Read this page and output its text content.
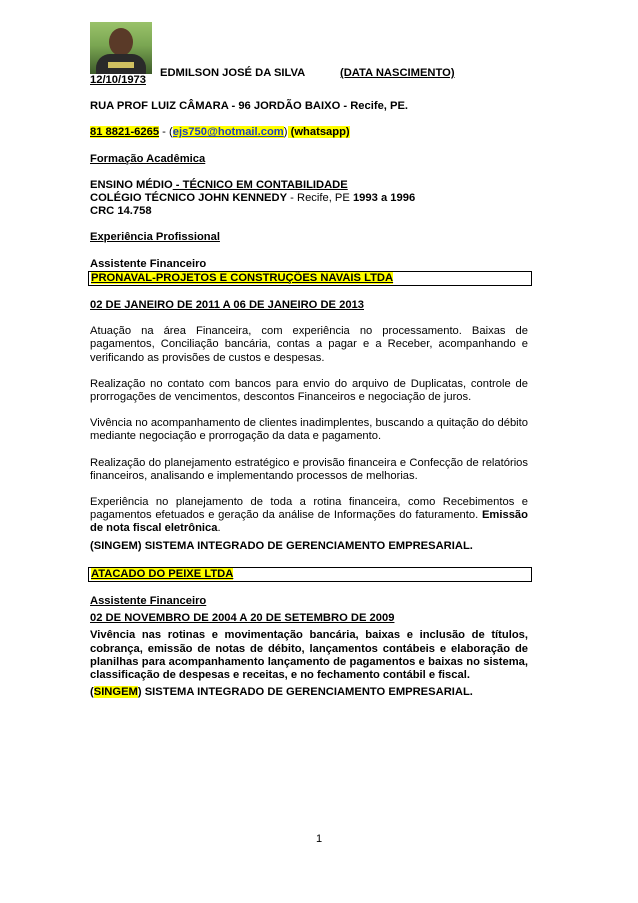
EDMILSON JOSÉ DA SILVA	(DATA NASCIMENTO)

12/10/1973

RUA PROF LUIZ CÂMARA - 96 JORDÃO BAIXO - Recife, PE.

81 8821-6265 - (ejs750@hotmail.com) (whatsapp)

Formação Acadêmica

ENSINO MÉDIO - TÉCNICO EM CONTABILIDADE

COLÉGIO TÉCNICO JOHN KENNEDY - Recife, PE 1993 a 1996

CRC 14.758

Experiência Profissional

Assistente Financeiro

PRONAVAL-PROJETOS E CONSTRUÇÕES NAVAIS LTDA

02 DE JANEIRO DE 2011 A 06 DE JANEIRO DE 2013

Atuação na área Financeira, com experiência no processamento. Baixas de pagamentos, Conciliação bancária, contas a pagar e a Receber, acompanhando e verificando as provisões de custos e despesas.

Realização no contato com bancos para envio do arquivo de Duplicatas, controle de prorrogações de vencimentos, descontos Financeiros e negociação de juros.

Vivência no acompanhamento de clientes inadimplentes, buscando a quitação do débito mediante negociação e prorrogação da data e pagamento.

Realização do planejamento estratégico e provisão financeira e Confecção de relatórios financeiros, analisando e implementando processos de melhorias.

Experiência no planejamento de toda a rotina financeira, como Recebimentos e pagamentos efetuados e geração da análise de Informações do faturamento. Emissão de nota fiscal eletrônica.

(SINGEM) SISTEMA INTEGRADO DE GERENCIAMENTO EMPRESARIAL.

ATACADO DO PEIXE LTDA

Assistente Financeiro

02 DE NOVEMBRO DE 2004 A 20 DE SETEMBRO DE 2009

Vivência nas rotinas e movimentação bancária, baixas e inclusão de títulos, cobrança, emissão de notas de débito, lançamentos contábeis e elaboração de planilhas para acompanhamento lançamento de pagamentos e baixas no sistema, classificação de despesas e receitas, e no fechamento contábil e fiscal.

(SINGEM) SISTEMA INTEGRADO DE GERENCIAMENTO EMPRESARIAL.

1
